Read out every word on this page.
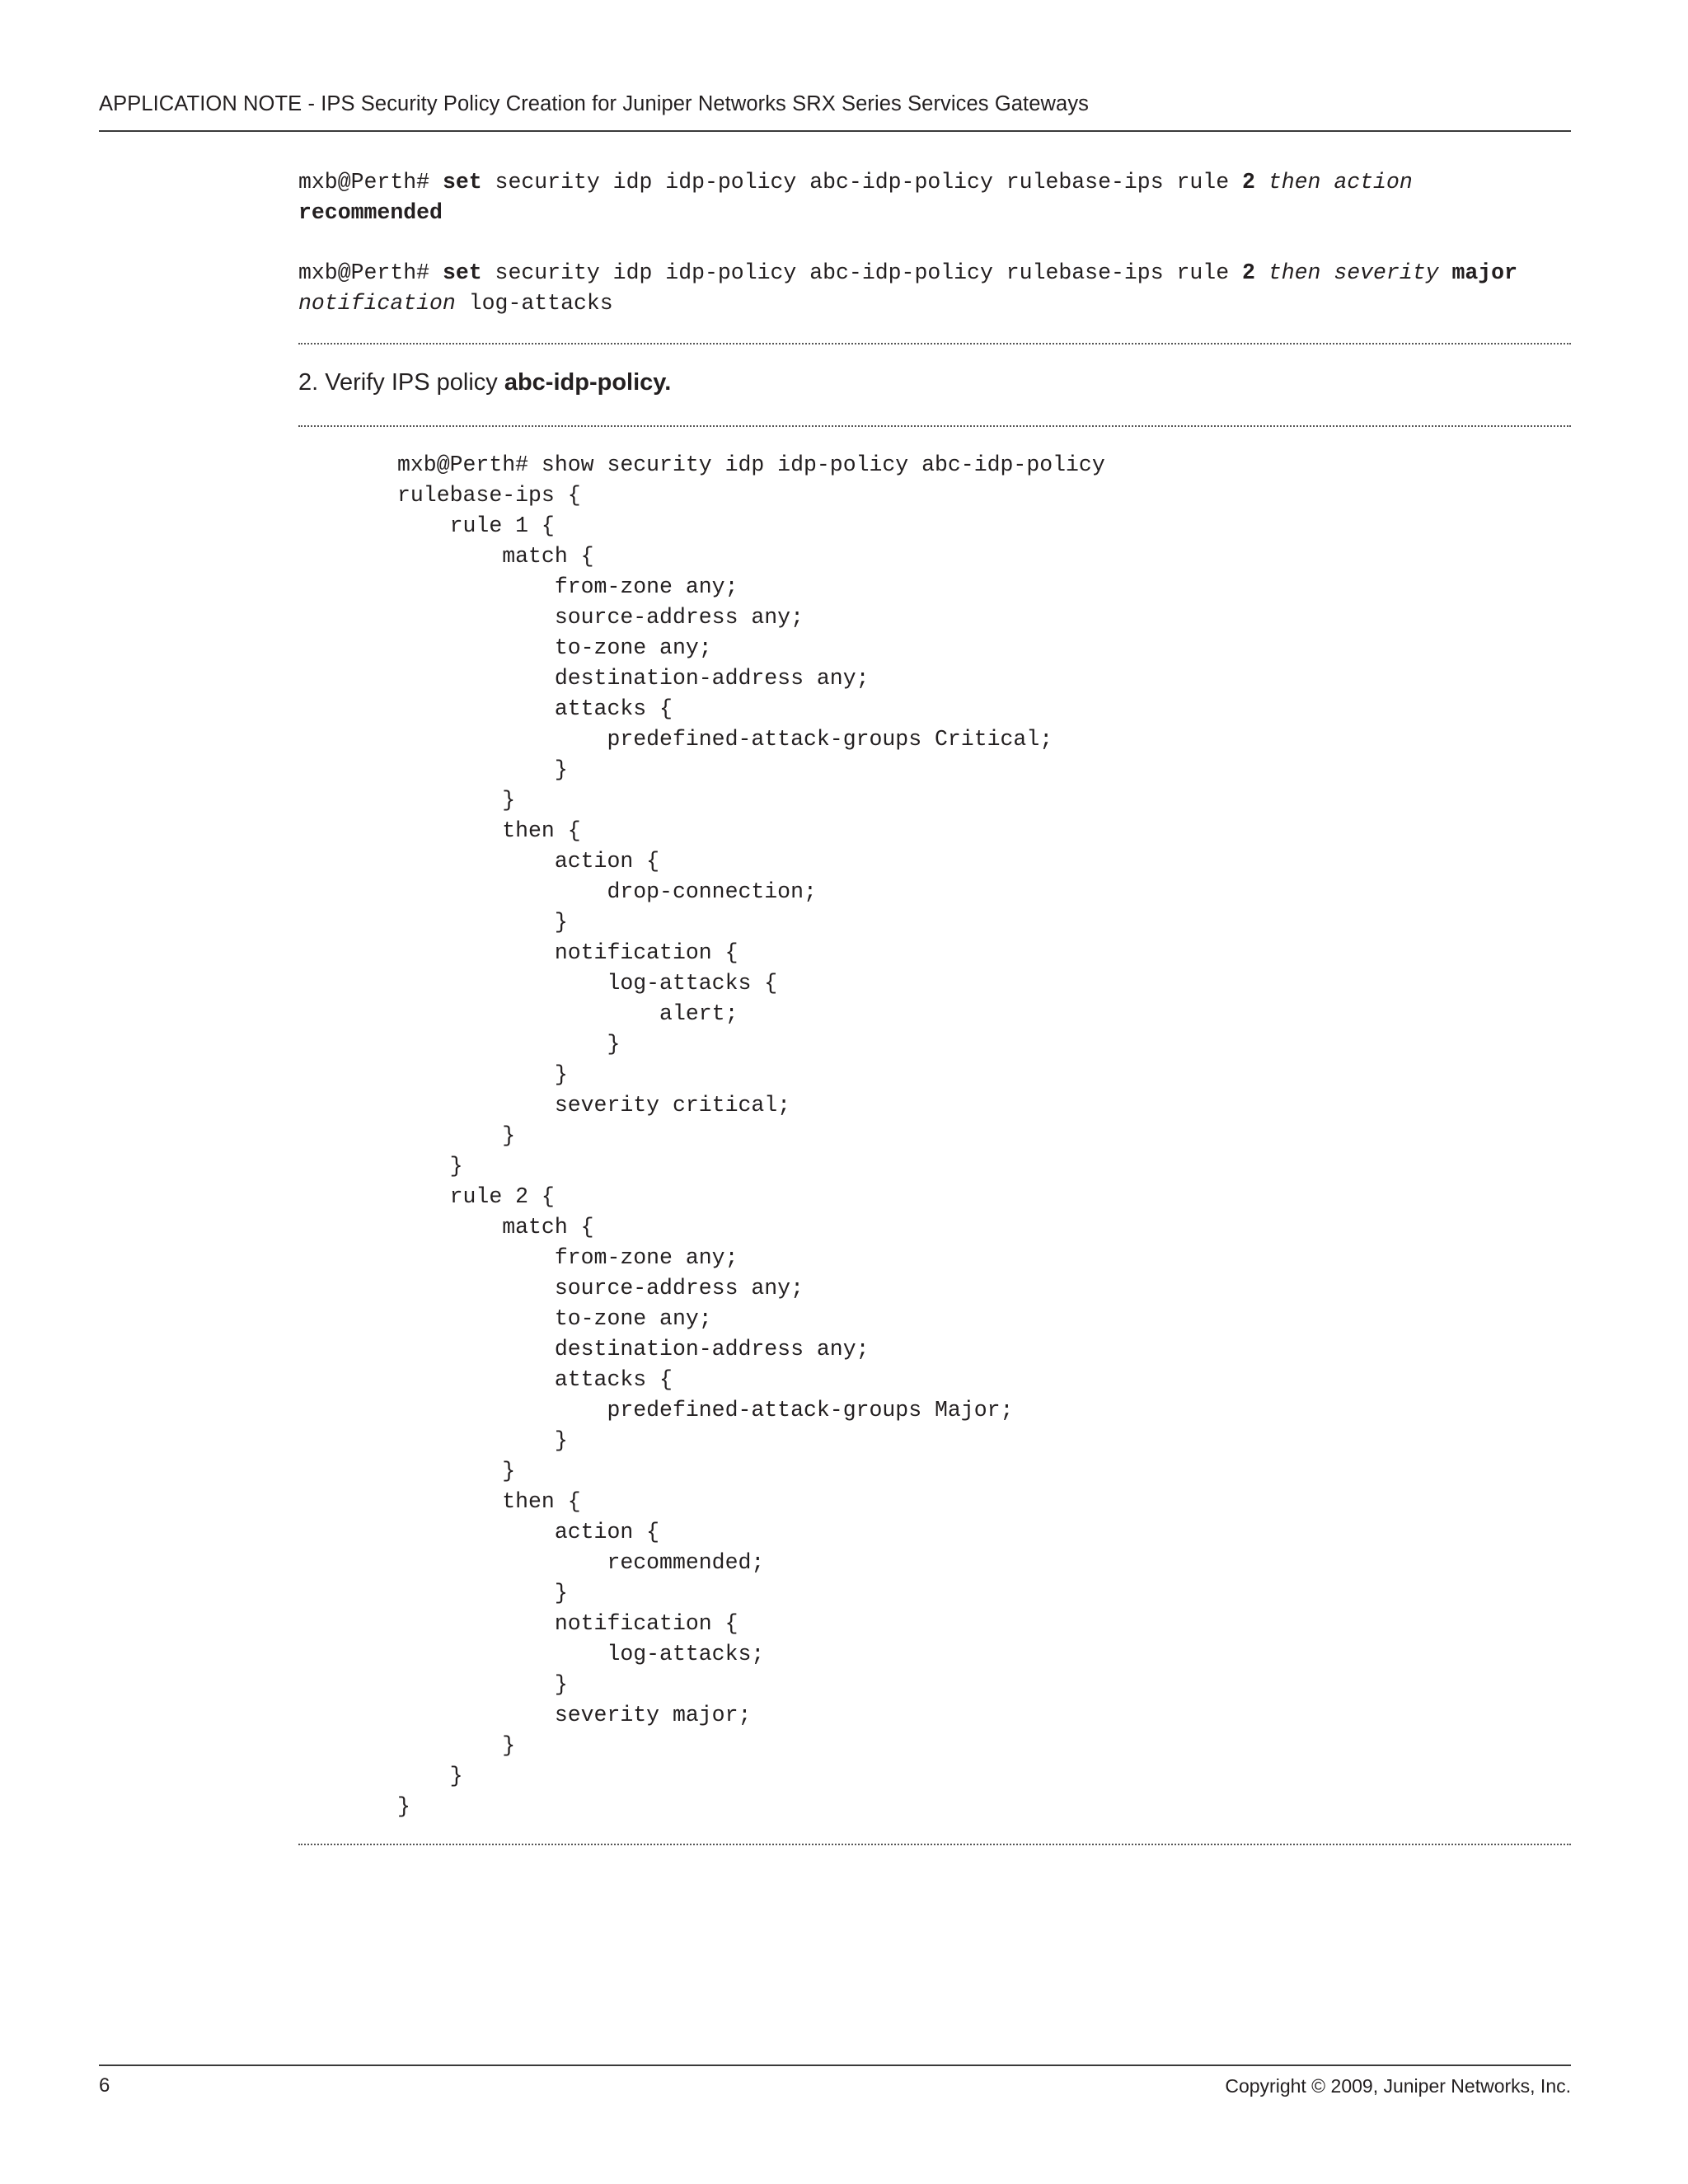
APPLICATION NOTE - IPS Security Policy Creation for Juniper Networks SRX Series Services Gateways
mxb@Perth# set security idp idp-policy abc-idp-policy rulebase-ips rule 2 then action
recommended
mxb@Perth# set security idp idp-policy abc-idp-policy rulebase-ips rule 2 then severity major
notification log-attacks
2. Verify IPS policy abc-idp-policy.
mxb@Perth# show security idp idp-policy abc-idp-policy
rulebase-ips {
rule 1 {
match {
from-zone any;
source-address any;
to-zone any;
destination-address any;
attacks {
predefined-attack-groups Critical;
}
}
then {
action {
drop-connection;
}
notification {
log-attacks {
alert;
}
}
severity critical;
}
}
rule 2 {
match {
from-zone any;
source-address any;
to-zone any;
destination-address any;
attacks {
predefined-attack-groups Major;
}
}
then {
action {
recommended;
}
notification {
log-attacks;
}
severity major;
}
}
}
6	Copyright © 2009, Juniper Networks, Inc.
